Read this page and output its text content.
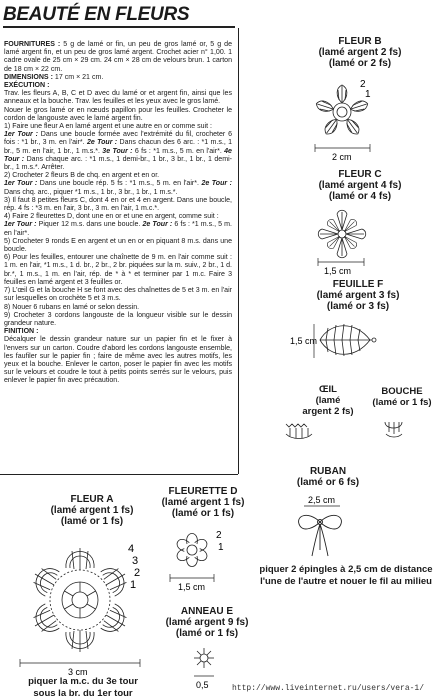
BEAUTÉ EN FLEURS

FOURNITURES : 5 g de lamé or fin, un peu de gros lamé or, 5 g de lamé argent fin, et un peu de gros lamé argent. Crochet acier n° 1,00. 1 cadre ovale de 25 cm × 29 cm. 24 cm × 28 cm de velours brun. 1 carton de 18 cm × 22 cm.

DIMENSIONS : 17 cm × 21 cm.

EXÉCUTION :

Trav. les fleurs A, B, C et D avec du lamé or et argent fin, ainsi que les anneaux et la bouche. Trav. les feuilles et les yeux avec le gros lamé.

Nouer le gros lamé or en nœuds papillon pour les feuilles. Crocheter le cordon de langouste avec le lamé argent fin.

1) Faire une fleur A en lamé argent et une autre en or comme suit :

1er Tour : Dans une boucle formée avec l'extrémité du fil, crocheter 6 fois : *1 br., 3 m. en l'air*. 2e Tour : Dans chacun des 6 arc. : *1 m.s., 1 br., 5 m. en l'air, 1 br., 1 m.s.*. 3e Tour : 6 fs : *1 m.s., 5 m. en l'air*. 4e Tour : Dans chaque arc. : *1 m.s., 1 demi-br., 1 br., 3 br., 1 br., 1 demi-br., 1 m.s.*. Arrêter.

2) Crocheter 2 fleurs B de chq. en argent et en or.

1er Tour : Dans une boucle rép. 5 fs : *1 m.s., 5 m. en l'air*. 2e Tour : Dans chq. arc., piquer *1 m.s., 1 br., 3 br., 1 br., 1 m.s.*.

3) Il faut 8 petites fleurs C, dont 4 en or et 4 en argent. Dans une boucle, rép. 4 fs : *3 m. en l'air, 3 br., 3 m. en l'air, 1 m.c.*.

4) Faire 2 fleurettes D, dont une en or et une en argent, comme suit :

1er Tour : Piquer 12 m.s. dans une boucle. 2e Tour : 6 fs : *1 m.s., 5 m. en l'air*.

5) Crocheter 9 ronds E en argent et un en or en piquant 8 m.s. dans une boucle.

6) Pour les feuilles, entourer une chaînette de 9 m. en l'air comme suit : 1 m. en l'air, *1 m.s., 1 d. br., 2 br., 2 br. piquées sur la m. suiv., 2 br., 1 d. br.*, 1 m.s., 1 m. en l'air, rép. de * à * et terminer par 1 m.c. Faire 3 feuilles en lamé argent et 3 feuilles or.

7) L'œil G et la bouche H se font avec des chaînettes de 5 et 3 m. en l'air sur lesquelles on crochète 5 et 3 m.s.

8) Nouer 6 rubans en lamé or selon dessin.

9) Crocheter 3 cordons langouste de la longueur visible sur le dessin grandeur nature.

FINITION :

Décalquer le dessin grandeur nature sur un papier fin et le fixer à l'envers sur un carton. Coudre d'abord les cordons langouste ensemble, les faufiler sur le papier fin ; faire de même avec les autres motifs, les yeux et la bouche. Enlever le carton, poser le papier fin avec les motifs sur le velours et coudre le tout à petits points serrés sur le velours, puis enlever le papier fin avec précaution.

FLEUR B
(lamé argent 2 fs)
(lamé or 2 fs)
2
1
2 cm
FLEUR C
(lamé argent 4 fs)
(lamé or 4 fs)
1,5 cm
FEUILLE F
(lamé argent 3 fs)
(lamé or 3 fs)
1,5 cm
ŒIL
(lamé
argent 2 fs)
BOUCHE
(lamé or 1 fs)
RUBAN
(lamé or 6 fs)
2,5 cm
piquer 2 épingles à 2,5 cm de distance l'une de l'autre et nouer le fil au milieu
FLEUR A
(lamé argent 1 fs)
(lamé or 1 fs)
4
3
2
1
3 cm
piquer la m.c. du 3e tour
sous la br. du 1er tour
FLEURETTE D
(lamé argent 1 fs)
(lamé or 1 fs)
2
1
1,5 cm
ANNEAU E
(lamé argent 9 fs)
(lamé or 1 fs)
0,5	http://www.liveinternet.ru/users/vera-1/
